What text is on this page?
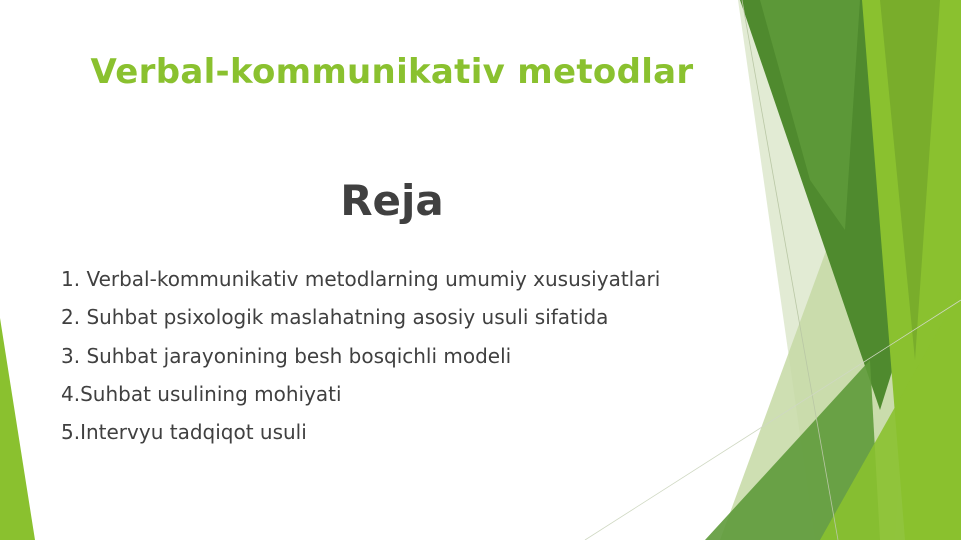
Verbal-kommunikativ metodlar
Reja
1. Verbal-kommunikativ metodlarning umumiy xususiyatlari
2. Suhbat psixologik maslahatning asosiy usuli sifatida
3. Suhbat jarayonining besh bosqichli modeli
4.Suhbat usulining mohiyati
5.Intervyu tadqiqot usuli
